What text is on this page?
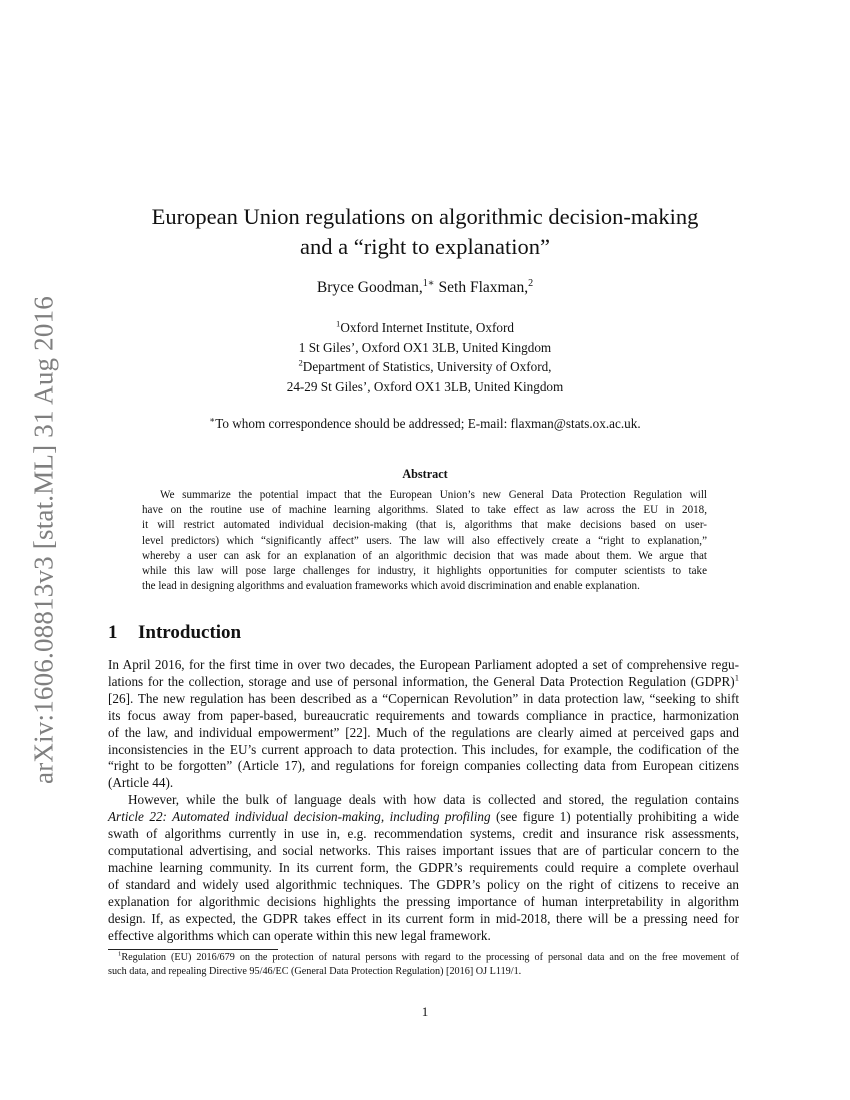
arXiv:1606.08813v3 [stat.ML] 31 Aug 2016
European Union regulations on algorithmic decision-making
and a “right to explanation”
Bryce Goodman,$^{1∗}$ Seth Flaxman,$^2$
$^1$Oxford Internet Institute, Oxford
1 St Giles’, Oxford OX1 3LB, United Kingdom
$^2$Department of Statistics, University of Oxford,
24-29 St Giles’, Oxford OX1 3LB, United Kingdom
∗To whom correspondence should be addressed; E-mail: flaxman@stats.ox.ac.uk.
Abstract
We summarize the potential impact that the European Union’s new General Data Protection Regulation will
have on the routine use of machine learning algorithms. Slated to take effect as law across the EU in 2018,
it will restrict automated individual decision-making (that is, algorithms that make decisions based on user-
level predictors) which “significantly affect” users. The law will also effectively create a “right to explanation,”
whereby a user can ask for an explanation of an algorithmic decision that was made about them. We argue that
while this law will pose large challenges for industry, it highlights opportunities for computer scientists to take
the lead in designing algorithms and evaluation frameworks which avoid discrimination and enable explanation.
1 Introduction
In April 2016, for the first time in over two decades, the European Parliament adopted a set of comprehensive regu-
lations for the collection, storage and use of personal information, the General Data Protection Regulation (GDPR)$^1$
[26]. The new regulation has been described as a “Copernican Revolution” in data protection law, “seeking to shift
its focus away from paper-based, bureaucratic requirements and towards compliance in practice, harmonization
of the law, and individual empowerment” [22]. Much of the regulations are clearly aimed at perceived gaps and
inconsistencies in the EU’s current approach to data protection. This includes, for example, the codification of the
“right to be forgotten” (Article 17), and regulations for foreign companies collecting data from European citizens
(Article 44).
However, while the bulk of language deals with how data is collected and stored, the regulation contains
Article 22: Automated individual decision-making, including profiling (see figure 1) potentially prohibiting a wide
swath of algorithms currently in use in, e.g. recommendation systems, credit and insurance risk assessments,
computational advertising, and social networks. This raises important issues that are of particular concern to the
machine learning community. In its current form, the GDPR’s requirements could require a complete overhaul
of standard and widely used algorithmic techniques. The GDPR’s policy on the right of citizens to receive an
explanation for algorithmic decisions highlights the pressing importance of human interpretability in algorithm
design. If, as expected, the GDPR takes effect in its current form in mid-2018, there will be a pressing need for
effective algorithms which can operate within this new legal framework.
$^1$Regulation (EU) 2016/679 on the protection of natural persons with regard to the processing of personal data and on the free movement of
such data, and repealing Directive 95/46/EC (General Data Protection Regulation) [2016] OJ L119/1.
1
